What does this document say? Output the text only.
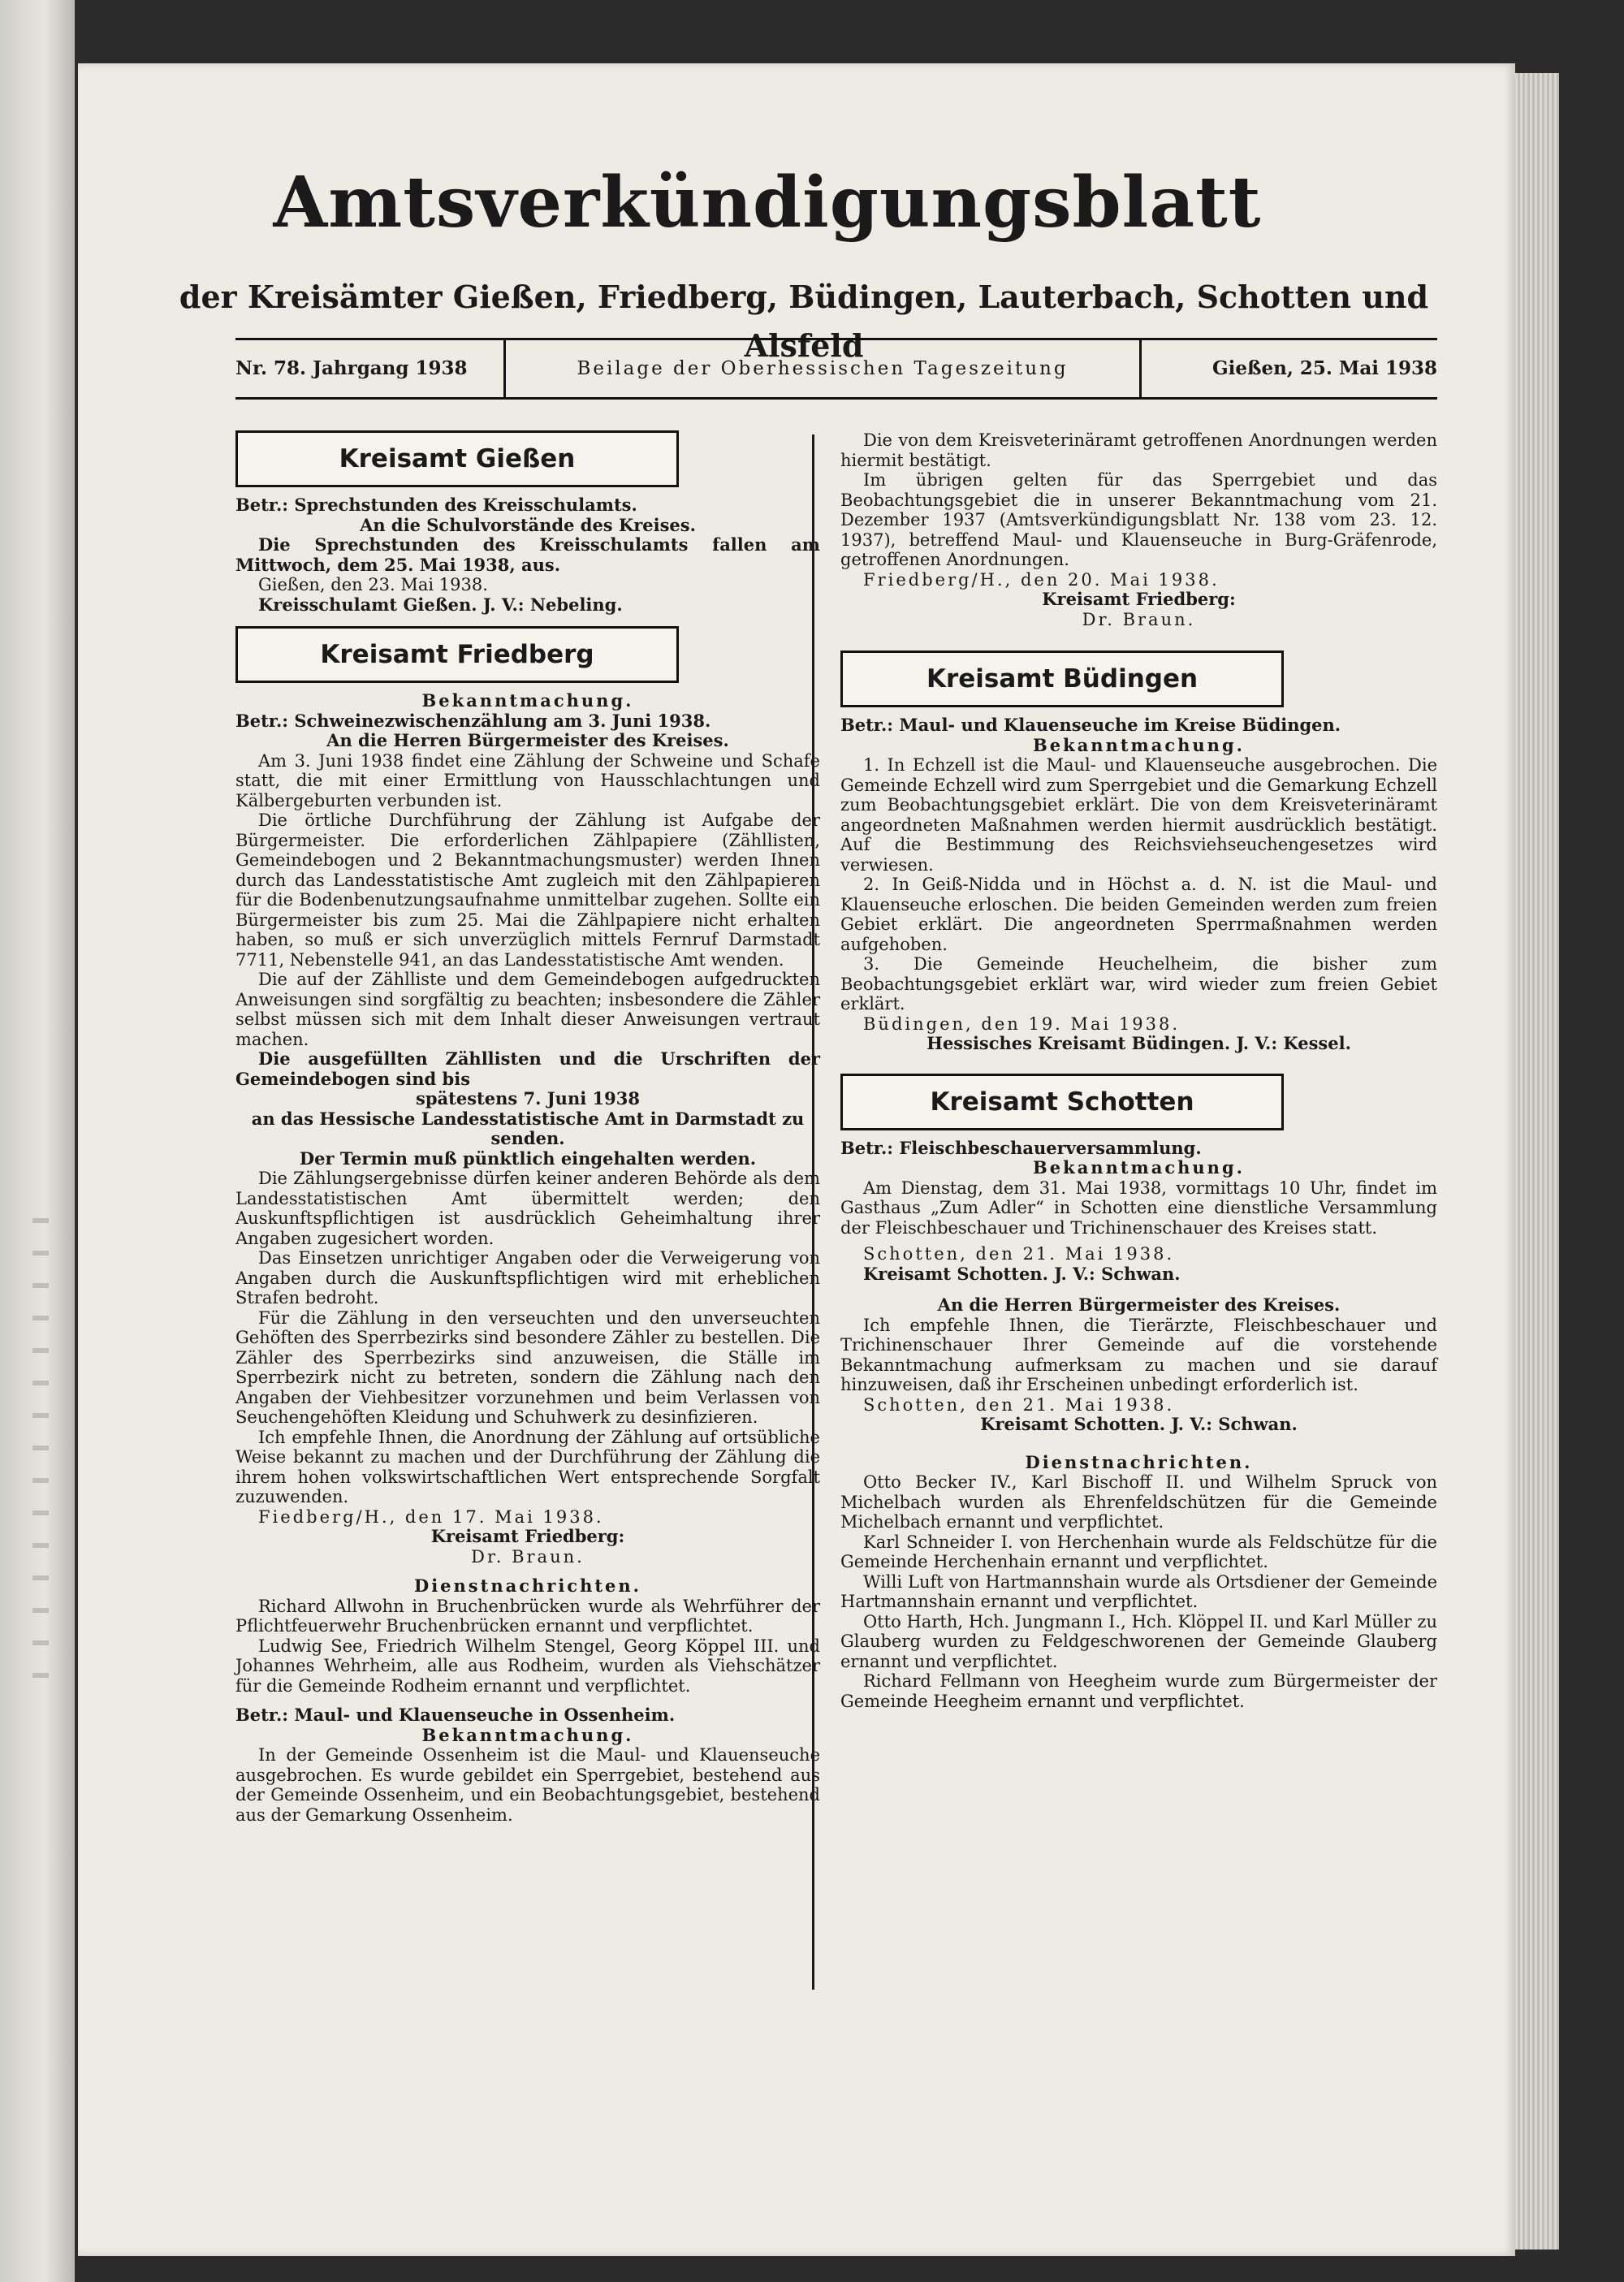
Amtsverkündigungsblatt
der Kreisämter Gießen, Friedberg, Büdingen, Lauterbach, Schotten und Alsfeld
Nr. 78. Jahrgang 1938	Beilage der Oberhessischen Tageszeitung	Gießen, 25. Mai 1938
Kreisamt Gießen

Betr.: Sprechstunden des Kreisschulamts.

An die Schulvorstände des Kreises.

Die Sprechstunden des Kreisschulamts fallen am Mittwoch, dem 25. Mai 1938, aus.

Gießen, den 23. Mai 1938.

Kreisschulamt Gießen. J. V.: Nebeling.

Kreisamt Friedberg

Bekanntmachung.

Betr.: Schweinezwischenzählung am 3. Juni 1938.

An die Herren Bürgermeister des Kreises.

Am 3. Juni 1938 findet eine Zählung der Schweine und Schafe statt, die mit einer Ermittlung von Hausschlachtungen und Kälbergeburten verbunden ist.

Die örtliche Durchführung der Zählung ist Aufgabe der Bürgermeister. Die erforderlichen Zählpapiere (Zähllisten, Gemeindebogen und 2 Bekanntmachungsmuster) werden Ihnen durch das Landesstatistische Amt zugleich mit den Zählpapieren für die Bodenbenutzungsaufnahme unmittelbar zugehen. Sollte ein Bürgermeister bis zum 25. Mai die Zählpapiere nicht erhalten haben, so muß er sich unverzüglich mittels Fernruf Darmstadt 7711, Nebenstelle 941, an das Landesstatistische Amt wenden.

Die auf der Zählliste und dem Gemeindebogen aufgedruckten Anweisungen sind sorgfältig zu beachten; insbesondere die Zähler selbst müssen sich mit dem Inhalt dieser Anweisungen vertraut machen.

Die ausgefüllten Zähllisten und die Urschriften der Gemeindebogen sind bis

spätestens 7. Juni 1938

an das Hessische Landesstatistische Amt in Darmstadt zu senden.

Der Termin muß pünktlich eingehalten werden.

Die Zählungsergebnisse dürfen keiner anderen Behörde als dem Landesstatistischen Amt übermittelt werden; den Auskunftspflichtigen ist ausdrücklich Geheimhaltung ihrer Angaben zugesichert worden.

Das Einsetzen unrichtiger Angaben oder die Verweigerung von Angaben durch die Auskunftspflichtigen wird mit erheblichen Strafen bedroht.

Für die Zählung in den verseuchten und den unverseuchten Gehöften des Sperrbezirks sind besondere Zähler zu bestellen. Die Zähler des Sperrbezirks sind anzuweisen, die Ställe im Sperrbezirk nicht zu betreten, sondern die Zählung nach den Angaben der Viehbesitzer vorzunehmen und beim Verlassen von Seuchengehöften Kleidung und Schuhwerk zu desinfizieren.

Ich empfehle Ihnen, die Anordnung der Zählung auf ortsübliche Weise bekannt zu machen und der Durchführung der Zählung die ihrem hohen volkswirtschaftlichen Wert entsprechende Sorgfalt zuzuwenden.

Fiedberg/H., den 17. Mai 1938.

Kreisamt Friedberg:

Dr. Braun.

Dienstnachrichten.

Richard Allwohn in Bruchenbrücken wurde als Wehrführer der Pflichtfeuerwehr Bruchenbrücken ernannt und verpflichtet.

Ludwig See, Friedrich Wilhelm Stengel, Georg Köppel III. und Johannes Wehrheim, alle aus Rodheim, wurden als Viehschätzer für die Gemeinde Rodheim ernannt und verpflichtet.

Betr.: Maul- und Klauenseuche in Ossenheim.

Bekanntmachung.

In der Gemeinde Ossenheim ist die Maul- und Klauenseuche ausgebrochen. Es wurde gebildet ein Sperrgebiet, bestehend aus der Gemeinde Ossenheim, und ein Beobachtungsgebiet, bestehend aus der Gemarkung Ossenheim.

Die von dem Kreisveterinäramt getroffenen Anordnungen werden hiermit bestätigt.

Im übrigen gelten für das Sperrgebiet und das Beobachtungsgebiet die in unserer Bekanntmachung vom 21. Dezember 1937 (Amtsverkündigungsblatt Nr. 138 vom 23. 12. 1937), betreffend Maul- und Klauenseuche in Burg-Gräfenrode, getroffenen Anordnungen.

Friedberg/H., den 20. Mai 1938.

Kreisamt Friedberg:

Dr. Braun.

Kreisamt Büdingen

Betr.: Maul- und Klauenseuche im Kreise Büdingen.

Bekanntmachung.

1. In Echzell ist die Maul- und Klauenseuche ausgebrochen. Die Gemeinde Echzell wird zum Sperrgebiet und die Gemarkung Echzell zum Beobachtungsgebiet erklärt. Die von dem Kreisveterinäramt angeordneten Maßnahmen werden hiermit ausdrücklich bestätigt. Auf die Bestimmung des Reichsviehseuchengesetzes wird verwiesen.

2. In Geiß-Nidda und in Höchst a. d. N. ist die Maul- und Klauenseuche erloschen. Die beiden Gemeinden werden zum freien Gebiet erklärt. Die angeordneten Sperrmaßnahmen werden aufgehoben.

3. Die Gemeinde Heuchelheim, die bisher zum Beobachtungsgebiet erklärt war, wird wieder zum freien Gebiet erklärt.

Büdingen, den 19. Mai 1938.

Hessisches Kreisamt Büdingen. J. V.: Kessel.

Kreisamt Schotten

Betr.: Fleischbeschauerversammlung.

Bekanntmachung.

Am Dienstag, dem 31. Mai 1938, vormittags 10 Uhr, findet im Gasthaus „Zum Adler“ in Schotten eine dienstliche Versammlung der Fleischbeschauer und Trichinenschauer des Kreises statt.

Schotten, den 21. Mai 1938.

Kreisamt Schotten. J. V.: Schwan.

An die Herren Bürgermeister des Kreises.

Ich empfehle Ihnen, die Tierärzte, Fleischbeschauer und Trichinenschauer Ihrer Gemeinde auf die vorstehende Bekanntmachung aufmerksam zu machen und sie darauf hinzuweisen, daß ihr Erscheinen unbedingt erforderlich ist.

Schotten, den 21. Mai 1938.

Kreisamt Schotten. J. V.: Schwan.

Dienstnachrichten.

Otto Becker IV., Karl Bischoff II. und Wilhelm Spruck von Michelbach wurden als Ehrenfeldschützen für die Gemeinde Michelbach ernannt und verpflichtet.

Karl Schneider I. von Herchenhain wurde als Feldschütze für die Gemeinde Herchenhain ernannt und verpflichtet.

Willi Luft von Hartmannshain wurde als Ortsdiener der Gemeinde Hartmannshain ernannt und verpflichtet.

Otto Harth, Hch. Jungmann I., Hch. Klöppel II. und Karl Müller zu Glauberg wurden zu Feldgeschworenen der Gemeinde Glauberg ernannt und verpflichtet.

Richard Fellmann von Heegheim wurde zum Bürgermeister der Gemeinde Heegheim ernannt und verpflichtet.
